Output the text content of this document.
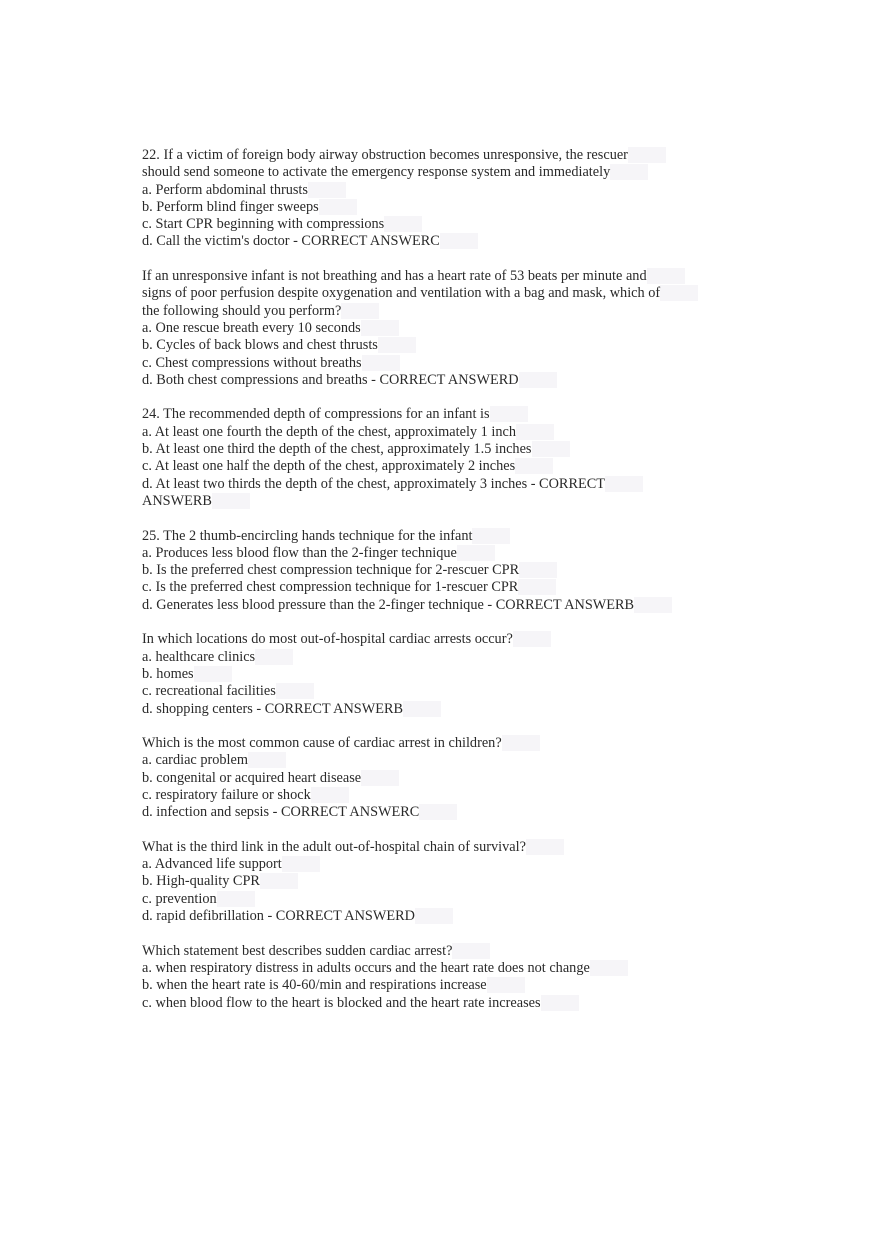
22. If a victim of foreign body airway obstruction becomes unresponsive, the rescuer
should send someone to activate the emergency response system and immediately
a. Perform abdominal thrusts
b. Perform blind finger sweeps
c. Start CPR beginning with compressions
d. Call the victim's doctor - CORRECT ANSWERC
If an unresponsive infant is not breathing and has a heart rate of 53 beats per minute and
signs of poor perfusion despite oxygenation and ventilation with a bag and mask, which of
the following should you perform?
a. One rescue breath every 10 seconds
b. Cycles of back blows and chest thrusts
c. Chest compressions without breaths
d. Both chest compressions and breaths - CORRECT ANSWERD
24. The recommended depth of compressions for an infant is
a. At least one fourth the depth of the chest, approximately 1 inch
b. At least one third the depth of the chest, approximately 1.5 inches
c. At least one half the depth of the chest, approximately 2 inches
d. At least two thirds the depth of the chest, approximately 3 inches - CORRECT
ANSWERB
25. The 2 thumb-encircling hands technique for the infant
a. Produces less blood flow than the 2-finger technique
b. Is the preferred chest compression technique for 2-rescuer CPR
c. Is the preferred chest compression technique for 1-rescuer CPR
d. Generates less blood pressure than the 2-finger technique - CORRECT ANSWERB
In which locations do most out-of-hospital cardiac arrests occur?
a. healthcare clinics
b. homes
c. recreational facilities
d. shopping centers - CORRECT ANSWERB
Which is the most common cause of cardiac arrest in children?
a. cardiac problem
b. congenital or acquired heart disease
c. respiratory failure or shock
d. infection and sepsis - CORRECT ANSWERC
What is the third link in the adult out-of-hospital chain of survival?
a. Advanced life support
b. High-quality CPR
c. prevention
d. rapid defibrillation - CORRECT ANSWERD
Which statement best describes sudden cardiac arrest?
a. when respiratory distress in adults occurs and the heart rate does not change
b. when the heart rate is 40-60/min and respirations increase
c. when blood flow to the heart is blocked and the heart rate increases
